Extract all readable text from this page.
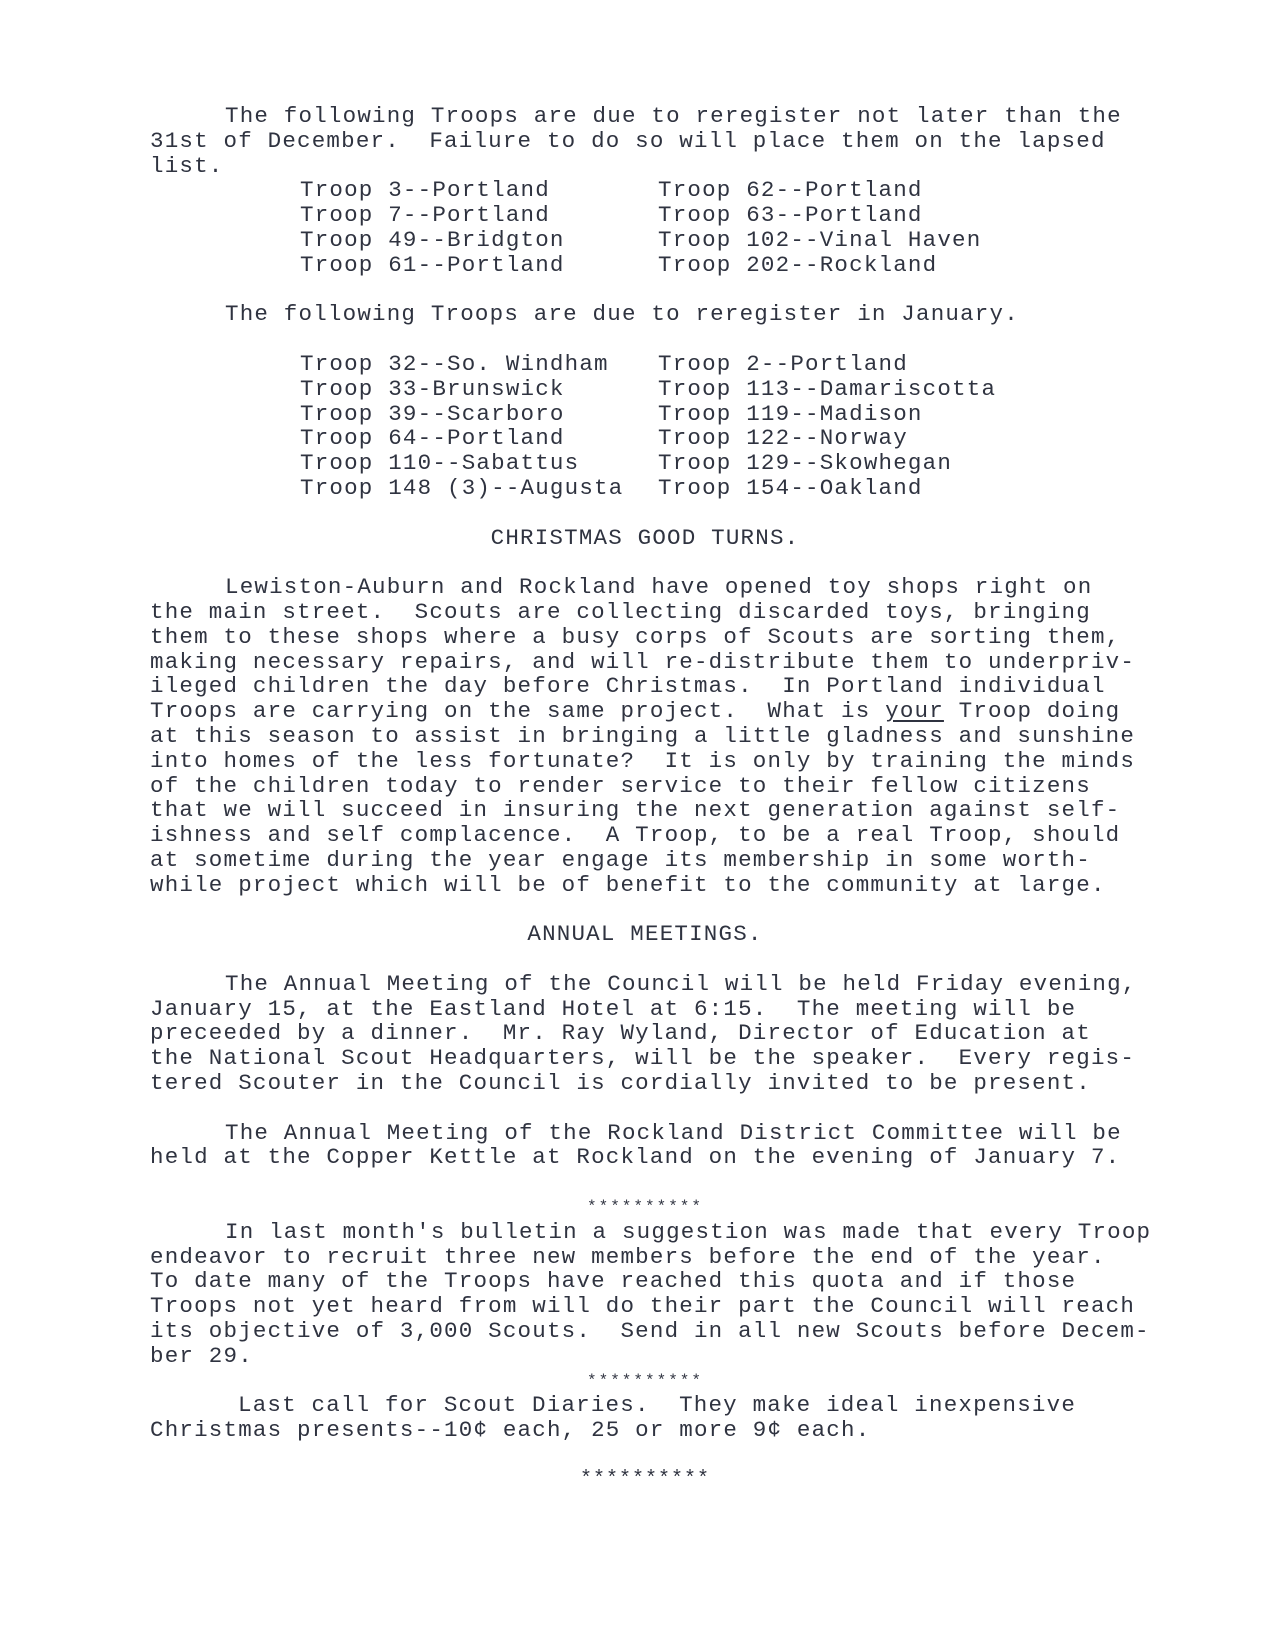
The following Troops are due to reregister not later than the
31st of December.  Failure to do so will place them on the lapsed
list.
Troop 3--Portland	Troop 62--Portland
Troop 7--Portland	Troop 63--Portland
Troop 49--Bridgton	Troop 102--Vinal Haven
Troop 61--Portland	Troop 202--Rockland
The following Troops are due to reregister in January.
Troop 32--So. Windham	Troop 2--Portland
Troop 33-Brunswick	Troop 113--Damariscotta
Troop 39--Scarboro	Troop 119--Madison
Troop 64--Portland	Troop 122--Norway
Troop 110--Sabattus	Troop 129--Skowhegan
Troop 148 (3)--Augusta	Troop 154--Oakland
CHRISTMAS GOOD TURNS.
Lewiston-Auburn and Rockland have opened toy shops right on
the main street.  Scouts are collecting discarded toys, bringing
them to these shops where a busy corps of Scouts are sorting them,
making necessary repairs, and will re-distribute them to underpriv-
ileged children the day before Christmas.  In Portland individual
Troops are carrying on the same project.  What is your Troop doing
at this season to assist in bringing a little gladness and sunshine
into homes of the less fortunate?  It is only by training the minds
of the children today to render service to their fellow citizens
that we will succeed in insuring the next generation against self-
ishness and self complacence.  A Troop, to be a real Troop, should
at sometime during the year engage its membership in some worth-
while project which will be of benefit to the community at large.
ANNUAL MEETINGS.
The Annual Meeting of the Council will be held Friday evening,
January 15, at the Eastland Hotel at 6:15.  The meeting will be
preceeded by a dinner.  Mr. Ray Wyland, Director of Education at
the National Scout Headquarters, will be the speaker.  Every regis-
tered Scouter in the Council is cordially invited to be present.
The Annual Meeting of the Rockland District Committee will be
held at the Copper Kettle at Rockland on the evening of January 7.
**********
In last month's bulletin a suggestion was made that every Troop
endeavor to recruit three new members before the end of the year.
To date many of the Troops have reached this quota and if those
Troops not yet heard from will do their part the Council will reach
its objective of 3,000 Scouts.  Send in all new Scouts before Decem-
ber 29.
**********
Last call for Scout Diaries.  They make ideal inexpensive
Christmas presents--10¢ each, 25 or more 9¢ each.
**********
